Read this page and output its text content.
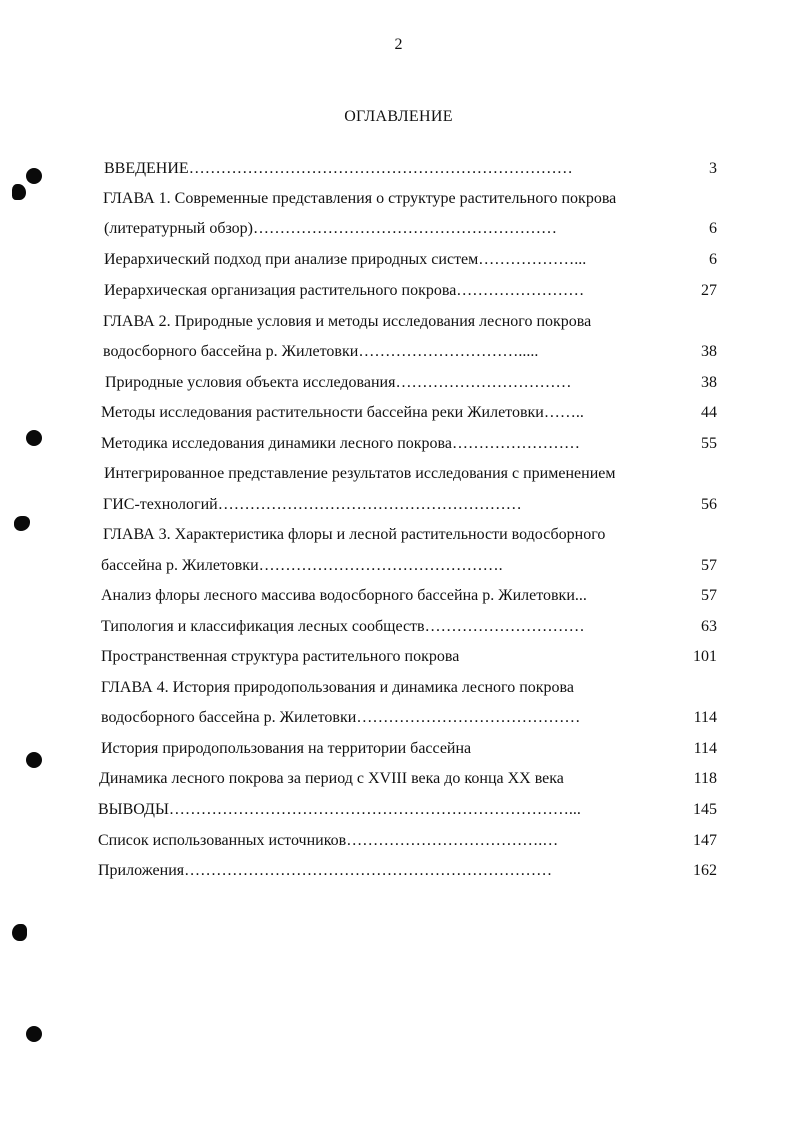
2
ОГЛАВЛЕНИЕ
ВВЕДЕНИЕ………………………………………………………………	3
ГЛАВА 1. Современные представления о структуре растительного покрова
(литературный обзор)…………………………………………………	6
Иерархический подход при анализе природных систем………………...	6
Иерархическая организация растительного покрова……………………	27
ГЛАВА 2. Природные условия и методы исследования лесного покрова
водосборного бассейна р. Жилетовки………………………….....	38
Природные условия объекта исследования……………………………	38
Методы исследования растительности бассейна реки Жилетовки……..	44
Методика исследования динамики лесного покрова……………………	55
Интегрированное представление результатов исследования с применением
ГИС-технологий…………………………………………………	56
ГЛАВА 3. Характеристика флоры и лесной растительности водосборного
бассейна р. Жилетовки……………………………………….	57
Анализ флоры лесного массива водосборного бассейна р. Жилетовки...	57
Типология и классификация лесных сообществ…………………………	63
Пространственная структура растительного покрова	101
ГЛАВА 4. История природопользования и динамика лесного покрова
водосборного бассейна р. Жилетовки……………………………………	114
История природопользования на территории бассейна	114
Динамика лесного покрова за период с XVIII века до конца XX века	118
ВЫВОДЫ…………………………………………………………………...	145
Список использованных источников……………………………….…	147
Приложения……………………………………………………………	162
